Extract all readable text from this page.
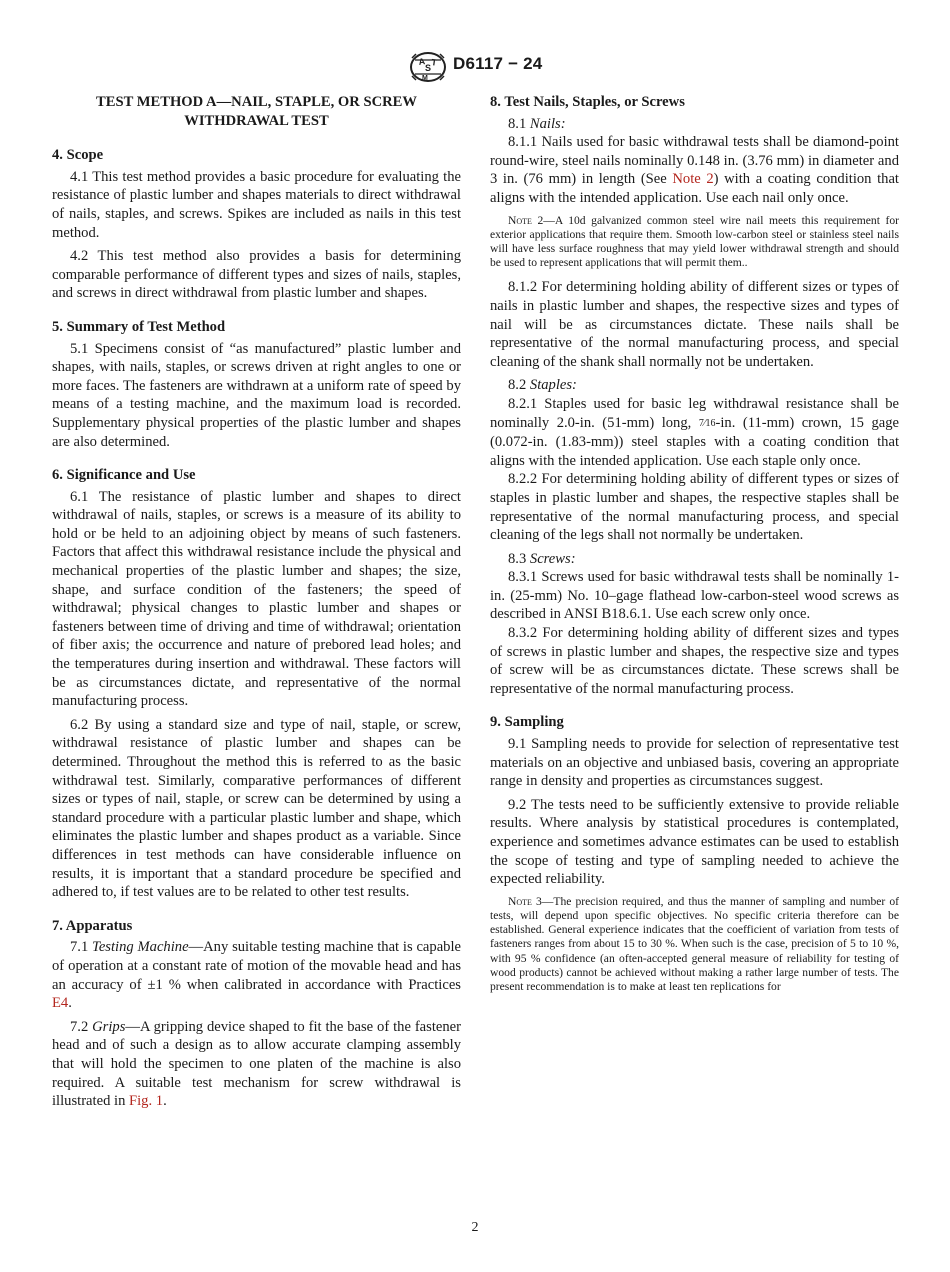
A
S
T
M
D6117 − 24
TEST METHOD A—NAIL, STAPLE, OR SCREW WITHDRAWAL TEST
4. Scope

4.1 This test method provides a basic procedure for evaluating the resistance of plastic lumber and shapes materials to direct withdrawal of nails, staples, and screws. Spikes are included as nails in this test method.

4.2 This test method also provides a basis for determining comparable performance of different types and sizes of nails, staples, and screws in direct withdrawal from plastic lumber and shapes.

5. Summary of Test Method

5.1 Specimens consist of “as manufactured” plastic lumber and shapes, with nails, staples, or screws driven at right angles to one or more faces. The fasteners are withdrawn at a uniform rate of speed by means of a testing machine, and the maximum load is recorded. Supplementary physical properties of the plastic lumber and shapes are also determined.

6. Significance and Use

6.1 The resistance of plastic lumber and shapes to direct withdrawal of nails, staples, or screws is a measure of its ability to hold or be held to an adjoining object by means of such fasteners. Factors that affect this withdrawal resistance include the physical and mechanical properties of the plastic lumber and shapes; the size, shape, and surface condition of the fasteners; the speed of withdrawal; physical changes to plastic lumber and shapes or fasteners between time of driving and time of withdrawal; orientation of fiber axis; the occurrence and nature of prebored lead holes; and the temperatures during insertion and withdrawal. These factors will be as circumstances dictate, and representative of the normal manufacturing process.

6.2 By using a standard size and type of nail, staple, or screw, withdrawal resistance of plastic lumber and shapes can be determined. Throughout the method this is referred to as the basic withdrawal test. Similarly, comparative performances of different sizes or types of nail, staple, or screw can be determined by using a standard procedure with a particular plastic lumber and shape, which eliminates the plastic lumber and shapes product as a variable. Since differences in test methods can have considerable influence on results, it is important that a standard procedure be specified and adhered to, if test values are to be related to other test results.

7. Apparatus

7.1 Testing Machine—Any suitable testing machine that is capable of operation at a constant rate of motion of the movable head and has an accuracy of ±1 % when calibrated in accordance with Practices E4.

7.2 Grips—A gripping device shaped to fit the base of the fastener head and of such a design as to allow accurate clamping assembly that will hold the specimen to one platen of the machine is also required. A suitable test mechanism for screw withdrawal is illustrated in Fig. 1.

8. Test Nails, Staples, or Screws

8.1 Nails:

8.1.1 Nails used for basic withdrawal tests shall be diamond-point round-wire, steel nails nominally 0.148 in. (3.76 mm) in diameter and 3 in. (76 mm) in length (See Note 2) with a coating condition that aligns with the intended application. Use each nail only once.

Note 2—A 10d galvanized common steel wire nail meets this requirement for exterior applications that require them. Smooth low-carbon steel or stainless steel nails will have less surface roughness that may yield lower withdrawal strength and should be used to represent applications that will permit them..

8.1.2 For determining holding ability of different sizes or types of nails in plastic lumber and shapes, the respective sizes and types of nail will be as circumstances dictate. These nails shall be representative of the normal manufacturing process, and special cleaning of the shank shall normally not be undertaken.

8.2 Staples:

8.2.1 Staples used for basic leg withdrawal resistance shall be nominally 2.0-in. (51-mm) long, 7⁄16-in. (11-mm) crown, 15 gage (0.072-in. (1.83-mm)) steel staples with a coating condition that aligns with the intended application. Use each staple only once.

8.2.2 For determining holding ability of different types or sizes of staples in plastic lumber and shapes, the respective staples shall be representative of the normal manufacturing process, and special cleaning of the legs shall not normally be undertaken.

8.3 Screws:

8.3.1 Screws used for basic withdrawal tests shall be nominally 1-in. (25-mm) No. 10–gage flathead low-carbon-steel wood screws as described in ANSI B18.6.1. Use each screw only once.

8.3.2 For determining holding ability of different sizes and types of screws in plastic lumber and shapes, the respective size and types of screw will be as circumstances dictate. These screws shall be representative of the normal manufacturing process.

9. Sampling

9.1 Sampling needs to provide for selection of representative test materials on an objective and unbiased basis, covering an appropriate range in density and properties as circumstances suggest.

9.2 The tests need to be sufficiently extensive to provide reliable results. Where analysis by statistical procedures is contemplated, experience and sometimes advance estimates can be used to establish the scope of testing and type of sampling needed to achieve the expected reliability.

Note 3—The precision required, and thus the manner of sampling and number of tests, will depend upon specific objectives. No specific criteria therefore can be established. General experience indicates that the coefficient of variation from tests of fasteners ranges from about 15 to 30 %. When such is the case, precision of 5 to 10 %, with 95 % confidence (an often-accepted general measure of reliability for testing of wood products) cannot be achieved without making a rather large number of tests. The present recommendation is to make at least ten replications for

2
